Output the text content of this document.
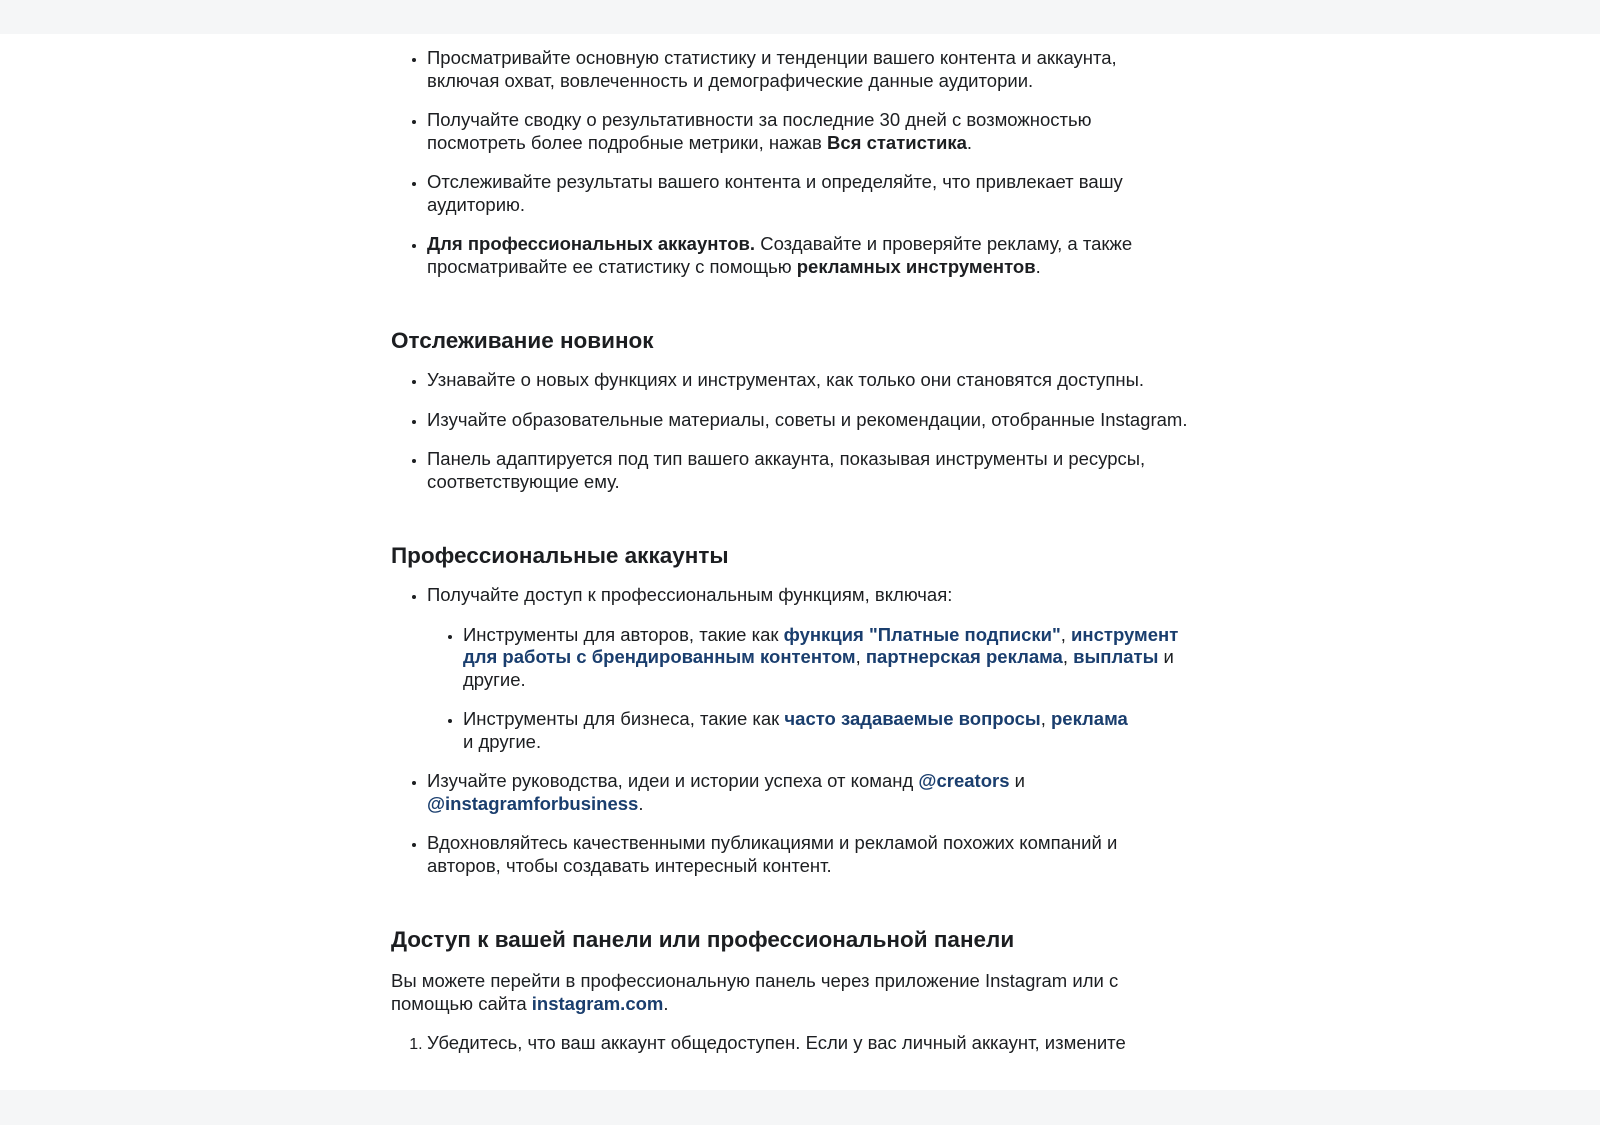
• Просматривайте основную статистику и тенденции вашего контента и аккаунта, включая охват, вовлеченность и демографические данные аудитории.
• Получайте сводку о результативности за последние 30 дней с возможностью посмотреть более подробные метрики, нажав Вся статистика.
• Отслеживайте результаты вашего контента и определяйте, что привлекает вашу аудиторию.
• Для профессиональных аккаунтов. Создавайте и проверяйте рекламу, а также просматривайте ее статистику с помощью рекламных инструментов.
Отслеживание новинок
• Узнавайте о новых функциях и инструментах, как только они становятся доступны.
• Изучайте образовательные материалы, советы и рекомендации, отобранные Instagram.
• Панель адаптируется под тип вашего аккаунта, показывая инструменты и ресурсы, соответствующие ему.
Профессиональные аккаунты
• Получайте доступ к профессиональным функциям, включая:
• Инструменты для авторов, такие как функция "Платные подписки", инструмент для работы с брендированным контентом, партнерская реклама, выплаты и другие.
• Инструменты для бизнеса, такие как часто задаваемые вопросы, реклама
и другие.
• Изучайте руководства, идеи и истории успеха от команд @creators и
@instagramforbusiness.
• Вдохновляйтесь качественными публикациями и рекламой похожих компаний и авторов, чтобы создавать интересный контент.
Доступ к вашей панели или профессиональной панели

Вы можете перейти в профессиональную панель через приложение Instagram или с помощью сайта instagram.com.

1. Убедитесь, что ваш аккаунт общедоступен. Если у вас личный аккаунт, измените
